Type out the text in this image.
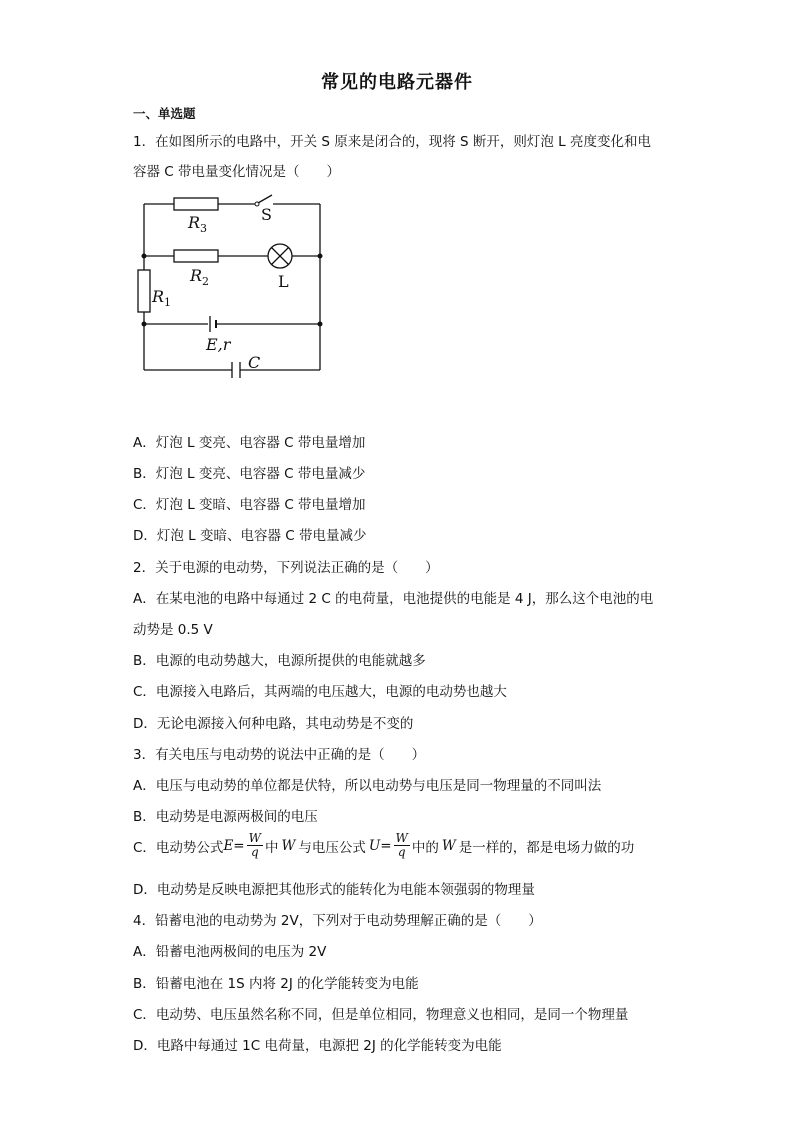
常见的电路元器件
一、单选题
1．在如图所示的电路中，开关 S 原来是闭合的，现将 S 断开，则灯泡 L 亮度变化和电
容器 C 带电量变化情况是（　　）
R 3
S
R 2	L
R 1
E,r
C
A．灯泡 L 变亮、电容器 C 带电量增加
B．灯泡 L 变亮、电容器 C 带电量减少
C．灯泡 L 变暗、电容器 C 带电量增加
D．灯泡 L 变暗、电容器 C 带电量减少
2．关于电源的电动势，下列说法正确的是（　　）
A．在某电池的电路中每通过 2 C 的电荷量，电池提供的电能是 4 J，那么这个电池的电
动势是 0.5 V
B．电源的电动势越大，电源所提供的电能就越多
C．电源接入电路后，其两端的电压越大，电源的电动势也越大
D．无论电源接入何种电路，其电动势是不变的
3．有关电压与电动势的说法中正确的是（　　）
A．电压与电动势的单位都是伏特，所以电动势与电压是同一物理量的不同叫法
B．电动势是电源两极间的电压
C．电动势公式 $E = \frac{W}{q}$ 中 W 与电压公式 $U = \frac{W}{q}$ 中的 W 是一样的，都是电场力做的功
D．电动势是反映电源把其他形式的能转化为电能本领强弱的物理量
4．铅蓄电池的电动势为 2V，下列对于电动势理解正确的是（　　）
A．铅蓄电池两极间的电压为 2V
B．铅蓄电池在 1S 内将 2J 的化学能转变为电能
C．电动势、电压虽然名称不同，但是单位相同，物理意义也相同，是同一个物理量
D．电路中每通过 1C 电荷量，电源把 2J 的化学能转变为电能
